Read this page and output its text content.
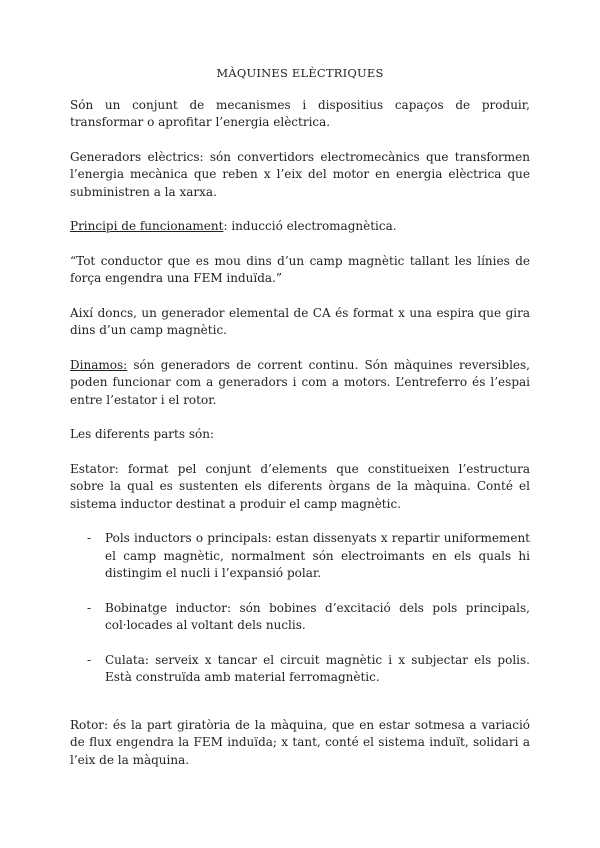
MÀQUINES ELÈCTRIQUES

Són un conjunt de mecanismes i dispositius capaços de produir, transformar o aprofitar l’energia elèctrica.

Generadors elèctrics: són convertidors electromecànics que transformen l’energia mecànica que reben x l’eix del motor en energia elèctrica que subministren a la xarxa.

Principi de funcionament: inducció electromagnètica.

“Tot conductor que es mou dins d’un camp magnètic tallant les línies de força engendra una FEM induïda.”

Així doncs, un generador elemental de CA és format x una espira que gira dins d’un camp magnètic.

Dinamos: són generadors de corrent continu. Són màquines reversibles, poden funcionar com a generadors i com a motors. L’entreferro és l’espai entre l’estator i el rotor.

Les diferents parts són:

Estator: format pel conjunt d’elements que constitueixen l’estructura sobre la qual es sustenten els diferents òrgans de la màquina. Conté el sistema inductor destinat a produir el camp magnètic.

- Pols inductors o principals: estan dissenyats x repartir uniformement el camp magnètic, normalment són electroimants en els quals hi distingim el nucli i l’expansió polar.
- Bobinatge inductor: són bobines d’excitació dels pols principals, col·locades al voltant dels nuclis.
- Culata: serveix x tancar el circuit magnètic i x subjectar els polis. Està construïda amb material ferromagnètic.

Rotor: és la part giratòria de la màquina, que en estar sotmesa a variació de flux engendra la FEM induïda; x tant, conté el sistema induït, solidari a l’eix de la màquina.
